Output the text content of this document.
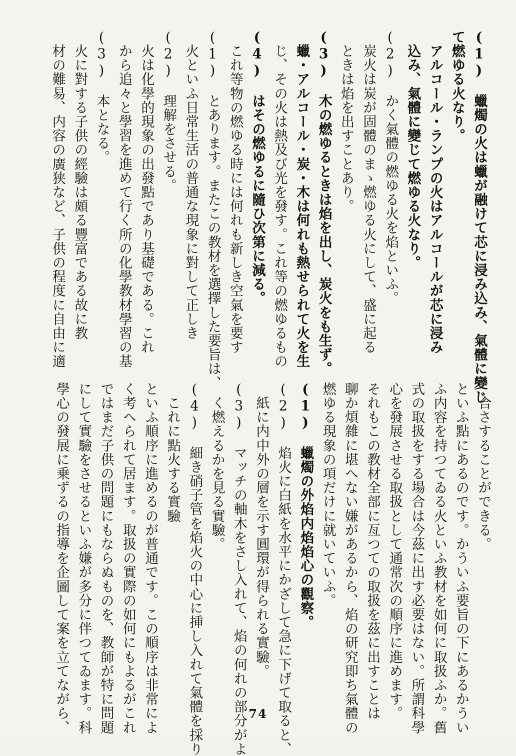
(1)　蠟燭の火は蠟が融けて芯に浸み込み、氣體に變じ
て燃ゆる火なり。
　アルコール・ランプの火はアルコールが芯に浸み
　込み、氣體に變じて燃ゆる火なり。
(2)　かく氣體の燃ゆる火を焰といふ。
　炭火は炭が固體のまゝ燃ゆる火にして、盛に起る
　ときは焰を出すことあり。
(3)　木の燃ゆるときは焰を出し、炭火をも生ず。
　蠟・アルコール・炭・木は何れも熱せられて火を生
　じ、その火は熱及び光を發す。これ等の燃ゆるもの
(4)　はその燃ゆるに隨ひ次第に減る。
　これ等物の燃ゆる時には何れも新しき空氣を要す
(1)　とあります。またこの教材を選擇した要旨は、
　火といふ日常生活の普通な現象に對して正しき
(2)　理解をさせる。
　火は化學的現象の出發點であり基礎である。これ
　から追々と學習を進めて行く所の化學教材學習の基
(3)　本となる。
　火に對する子供の經驗は頗る豐富である故に教
　材の難易、内容の廣狭など、子供の程度に自由に適
　合さすることができる。
といふ點にあるのです。かういふ要旨の下にあるかうい
ふ内容を持つてゐる火といふ教材を如何に取扱ふか。舊
式の取扱をする場合は今茲に出す必要はない。所謂科學
心を發展させる取扱として通常次の順序に進めます。
それもこの教材全部に亙つての取扱を茲に出すことは
聊か煩雜に堪へない嫌があるから、焰の研究即ち氣體の
燃ゆる現象の項だけに就いていふ。
(1)　蠟燭の外焰内焰焰心の觀察。
(2)　焰火に白紙を水平にかざして急に下げて取ると、
　紙に内中外の層を示す圓環が得られる實驗。
(3)　マッチの軸木をさし入れて、焰の何れの部分がよ
　く燃えるかを見る實驗。
(4)　細き硝子管を焰火の中心に挿し入れて氣體を採り
　これに點火する實驗
といふ順序に進めるのが普通です。この順序は非常によ
く考へられて居ます。取扱の實際の如何にもよるがこれ
ではまだ子供の問題にもならぬものを、教師が特に問題
にして實驗をさせるといふ嫌が多分に伴つてゐます。科
學心の發展に乗ずるの指導を企圖して案を立てながら、	74
